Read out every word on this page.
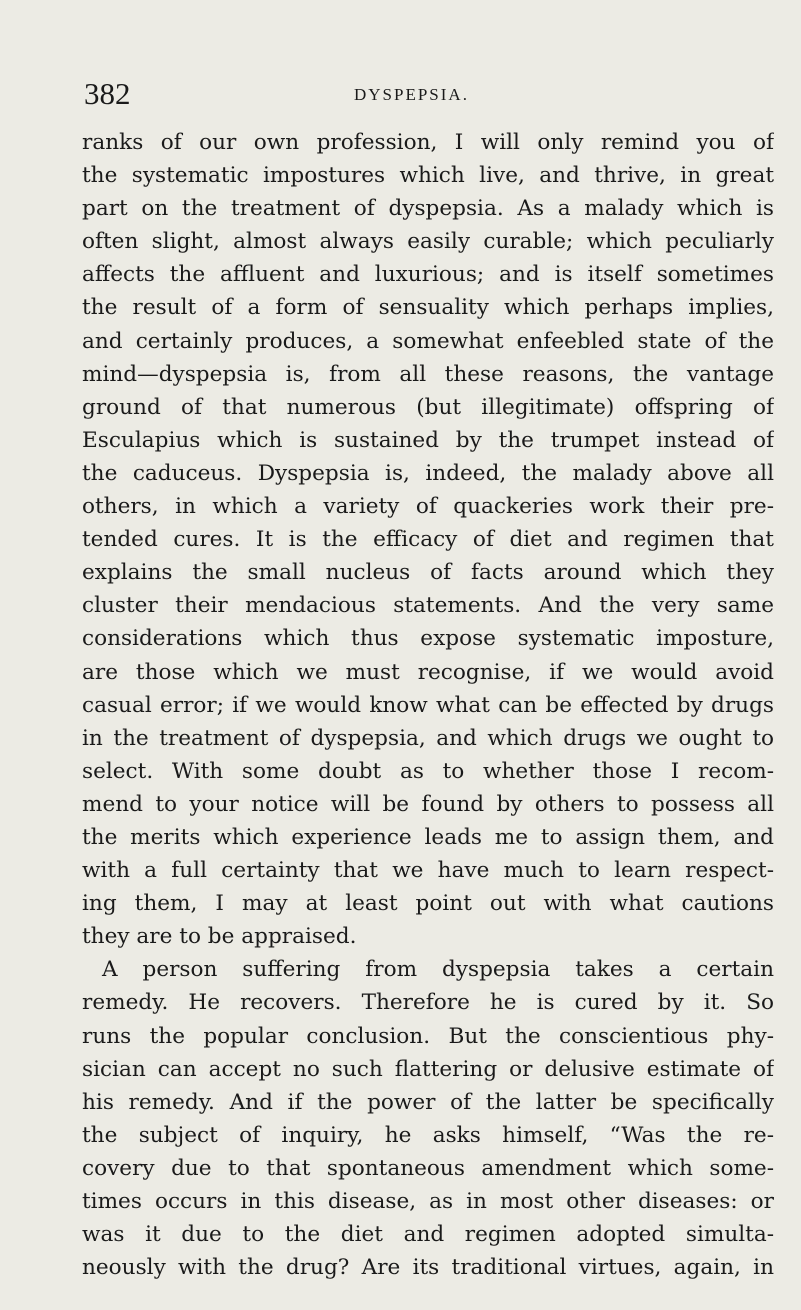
382	DYSPEPSIA.
ranks of our own profession, I will only remind you of
the systematic impostures which live, and thrive, in great
part on the treatment of dyspepsia. As a malady which is
often slight, almost always easily curable; which peculiarly
affects the affluent and luxurious; and is itself sometimes
the result of a form of sensuality which perhaps implies,
and certainly produces, a somewhat enfeebled state of the
mind—dyspepsia is, from all these reasons, the vantage
ground of that numerous (but illegitimate) offspring of
Esculapius which is sustained by the trumpet instead of
the caduceus. Dyspepsia is, indeed, the malady above all
others, in which a variety of quackeries work their pre-
tended cures. It is the efficacy of diet and regimen that
explains the small nucleus of facts around which they
cluster their mendacious statements. And the very same
considerations which thus expose systematic imposture,
are those which we must recognise, if we would avoid
casual error; if we would know what can be effected by drugs
in the treatment of dyspepsia, and which drugs we ought to
select. With some doubt as to whether those I recom-
mend to your notice will be found by others to possess all
the merits which experience leads me to assign them, and
with a full certainty that we have much to learn respect-
ing them, I may at least point out with what cautions
they are to be appraised.
A person suffering from dyspepsia takes a certain
remedy. He recovers. Therefore he is cured by it. So
runs the popular conclusion. But the conscientious phy-
sician can accept no such flattering or delusive estimate of
his remedy. And if the power of the latter be specifically
the subject of inquiry, he asks himself, “Was the re-
covery due to that spontaneous amendment which some-
times occurs in this disease, as in most other diseases: or
was it due to the diet and regimen adopted simulta-
neously with the drug? Are its traditional virtues, again, in
